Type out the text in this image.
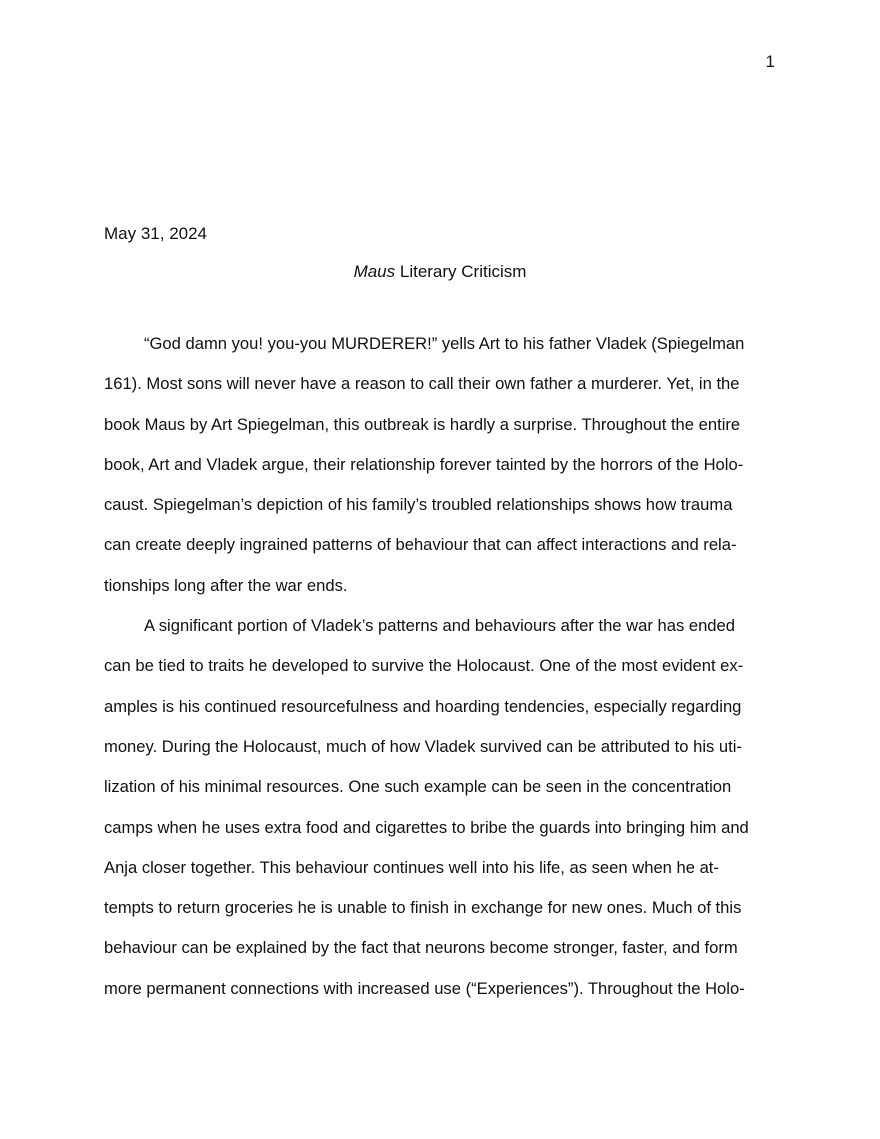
1
May 31, 2024
Maus Literary Criticism
“God damn you! you-you MURDERER!” yells Art to his father Vladek (Spiegelman
161). Most sons will never have a reason to call their own father a murderer. Yet, in the
book Maus by Art Spiegelman, this outbreak is hardly a surprise. Throughout the entire
book, Art and Vladek argue, their relationship forever tainted by the horrors of the Holo-
caust. Spiegelman’s depiction of his family’s troubled relationships shows how trauma
can create deeply ingrained patterns of behaviour that can affect interactions and rela-
tionships long after the war ends.
A significant portion of Vladek’s patterns and behaviours after the war has ended
can be tied to traits he developed to survive the Holocaust. One of the most evident ex-
amples is his continued resourcefulness and hoarding tendencies, especially regarding
money. During the Holocaust, much of how Vladek survived can be attributed to his uti-
lization of his minimal resources. One such example can be seen in the concentration
camps when he uses extra food and cigarettes to bribe the guards into bringing him and
Anja closer together. This behaviour continues well into his life, as seen when he at-
tempts to return groceries he is unable to finish in exchange for new ones. Much of this
behaviour can be explained by the fact that neurons become stronger, faster, and form
more permanent connections with increased use (“Experiences”). Throughout the Holo-
